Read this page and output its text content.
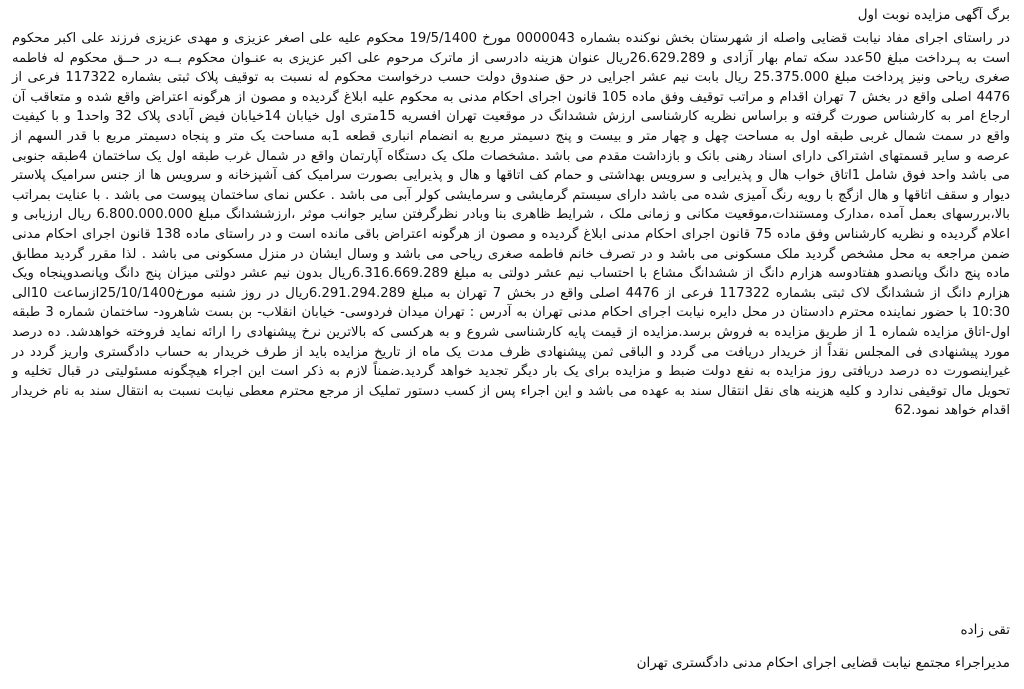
برگ آگهی مزایده نوبت اول

در راستای اجرای مفاد نیابت قضایی واصله از شهرستان بخش نوکنده بشماره 0000043 مورخ 19/5/1400 محکوم علیه علی اصغر عزیزی و مهدی عزیزی فرزند علی اکبر محکوم است به پـرداخت مبلغ 50عدد سکه تمام بهار آزادی و 26.629.289ریال عنوان هزینه دادرسی از ماترک مرحوم علی اکبر عزیزی به عنـوان محکوم بــه در حــق محکوم له فاطمه صغری ریاحی ونیز پرداخت مبلغ 25.375.000 ریال بابت نیم عشر اجرایی در حق صندوق دولت حسب درخواست محکوم له نسبت به توقیف پلاک ثبتی بشماره 117322 فرعی از 4476 اصلی واقع در بخش 7 تهران اقدام و مراتب توقیف وفق ماده 105 قانون اجرای احکام مدنی به محکوم علیه ابلاغ گردیده و مصون از هرگونه اعتراض واقع شده و متعاقب آن ارجاع امر به کارشناس صورت گرفته و براساس نظریه کارشناسی ارزش ششدانگ در موقعیت تهران افسریه 15متری اول خیابان 14خیابان فیض آبادی پلاک 32 واحد1 و با کیفیت واقع در سمت شمال غربی طبقه اول به مساحت چهل و چهار متر و بیست و پنج دسیمتر مربع به انضمام انباری قطعه 1به مساحت یک متر و پنجاه دسیمتر مربع با قدر السهم از عرصه و سایر قسمتهای اشتراکی دارای اسناد رهنی بانک و بازداشت مقدم می باشد .مشخصات ملک یک دستگاه آپارتمان واقع در شمال غرب طبقه اول یک ساختمان 4طبقه جنوبی می باشد واحد فوق شامل 1اتاق خواب هال و پذیرایی و سرویس بهداشتی و حمام کف اتاقها و هال و پذیرایی بصورت سرامیک کف آشپزخانه و سرویس ها از جنس سرامیک پلاستر دیوار و سقف اتاقها و هال ازگچ با رویه رنگ آمیزی شده می باشد دارای سیستم گرمایشی و سرمایشی کولر آبی می باشد . عکس نمای ساختمان پیوست می باشد . با عنایت بمراتب بالا،بررسهای بعمل آمده ،مدارک ومستندات،موقعیت مکانی و زمانی ملک ، شرایط ظاهری بنا وبادر نظرگرفتن سایر جوانب موثر ،ارزششدانگ مبلغ 6.800.000.000 ریال ارزیابی و اعلام گردیده و نظریه کارشناس وفق ماده 75 قانون اجرای احکام مدنی ابلاغ گردیده و مصون از هرگونه اعتراض باقی مانده است و در راستای ماده 138 قانون اجرای احکام مدنی ضمن مراجعه به محل مشخص گردید ملک مسکونی می باشد و در تصرف خانم فاطمه صغری ریاحی می باشد و وسال ایشان در منزل مسکونی می باشد . لذا مقرر گردید مطابق ماده پنج دانگ وپانصدو هفتادوسه هزارم دانگ از ششدانگ مشاع با احتساب نیم عشر دولتی به مبلغ 6.316.669.289ریال بدون نیم عشر دولتی میزان پنج دانگ وپانصدوپنجاه ویک هزارم دانگ از ششدانگ لاک ثبتی بشماره 117322 فرعی از 4476 اصلی واقع در بخش 7 تهران به مبلغ 6.291.294.289ریال در روز شنبه مورخ25/10/1400ازساعت 10الی 10:30 با حضور نماینده محترم دادستان در محل دایره نیابت اجرای احکام مدنی تهران به آدرس : تهران میدان فردوسی- خیابان انقلاب- بن بست شاهرود- ساختمان شماره 3 طبقه اول-اتاق مزایده شماره 1 از طریق مزایده به فروش برسد.مزایده از قیمت پایه کارشناسی شروع و به هرکسی که بالاترین نرخ پیشنهادی را ارائه نماید فروخته خواهدشد. ده درصد مورد پیشنهادی فی المجلس نقداً از خریدار دریافت می گردد و الباقی ثمن پیشنهادی ظرف مدت یک ماه از تاریخ مزایده باید از طرف خریدار به حساب دادگستری واریز گردد در غیراینصورت ده درصد دریافتی روز مزایده به نفع دولت ضبط و مزایده برای یک بار دیگر تجدید خواهد گردید.ضمناً لازم به ذکر است این اجراء هیچگونه مسئولیتی در قبال تخلیه و تحویل مال توقیفی ندارد و کلیه هزینه های نقل انتقال سند به عهده می باشد و این اجراء پس از کسب دستور تملیک از مرجع محترم معطی نیابت نسبت به انتقال سند به نام خریدار اقدام خواهد نمود.62

تقی زاده
مدیراجراء مجتمع نیابت قضایی اجرای احکام مدنی دادگستری تهران
